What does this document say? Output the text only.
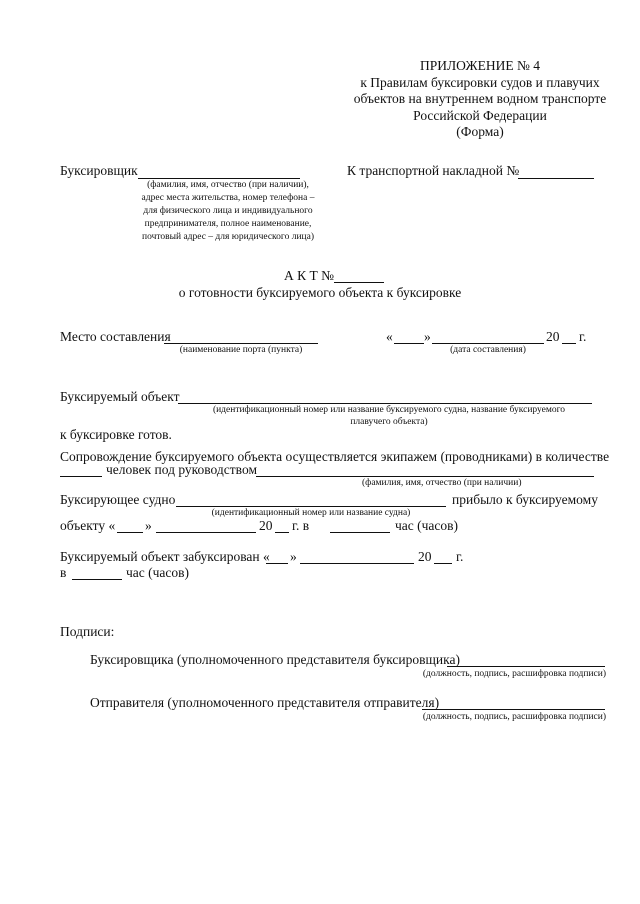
ПРИЛОЖЕНИЕ № 4
к Правилам буксировки судов и плавучих
объектов на внутреннем водном транспорте
Российской Федерации
(Форма)
Буксировщик
(фамилия, имя, отчество (при наличии),
адрес места жительства, номер телефона –
для физического лица и индивидуального
предпринимателя, полное наименование,
почтовый адрес – для юридического лица)
К транспортной накладной №
А К Т №
о готовности буксируемого объекта к буксировке
Место составления
(наименование порта (пункта)
« »	20 г.
(дата составления)
Буксируемый объект
(идентификационный номер или название буксируемого судна, название буксируемого
плавучего объекта)
к буксировке готов.
Сопровождение буксируемого объекта осуществляется экипажем (проводниками) в количестве
человек под руководством
(фамилия, имя, отчество (при наличии)
Буксирующее судно	прибыло к буксируемому
(идентификационный номер или название судна)
объекту « »	20 г. в	час (часов)
Буксируемый объект забуксирован « »	20 г.
в	час (часов)
Подписи:
Буксировщика (уполномоченного представителя буксировщика)
(должность, подпись, расшифровка подписи)
Отправителя (уполномоченного представителя отправителя)
(должность, подпись, расшифровка подписи)
